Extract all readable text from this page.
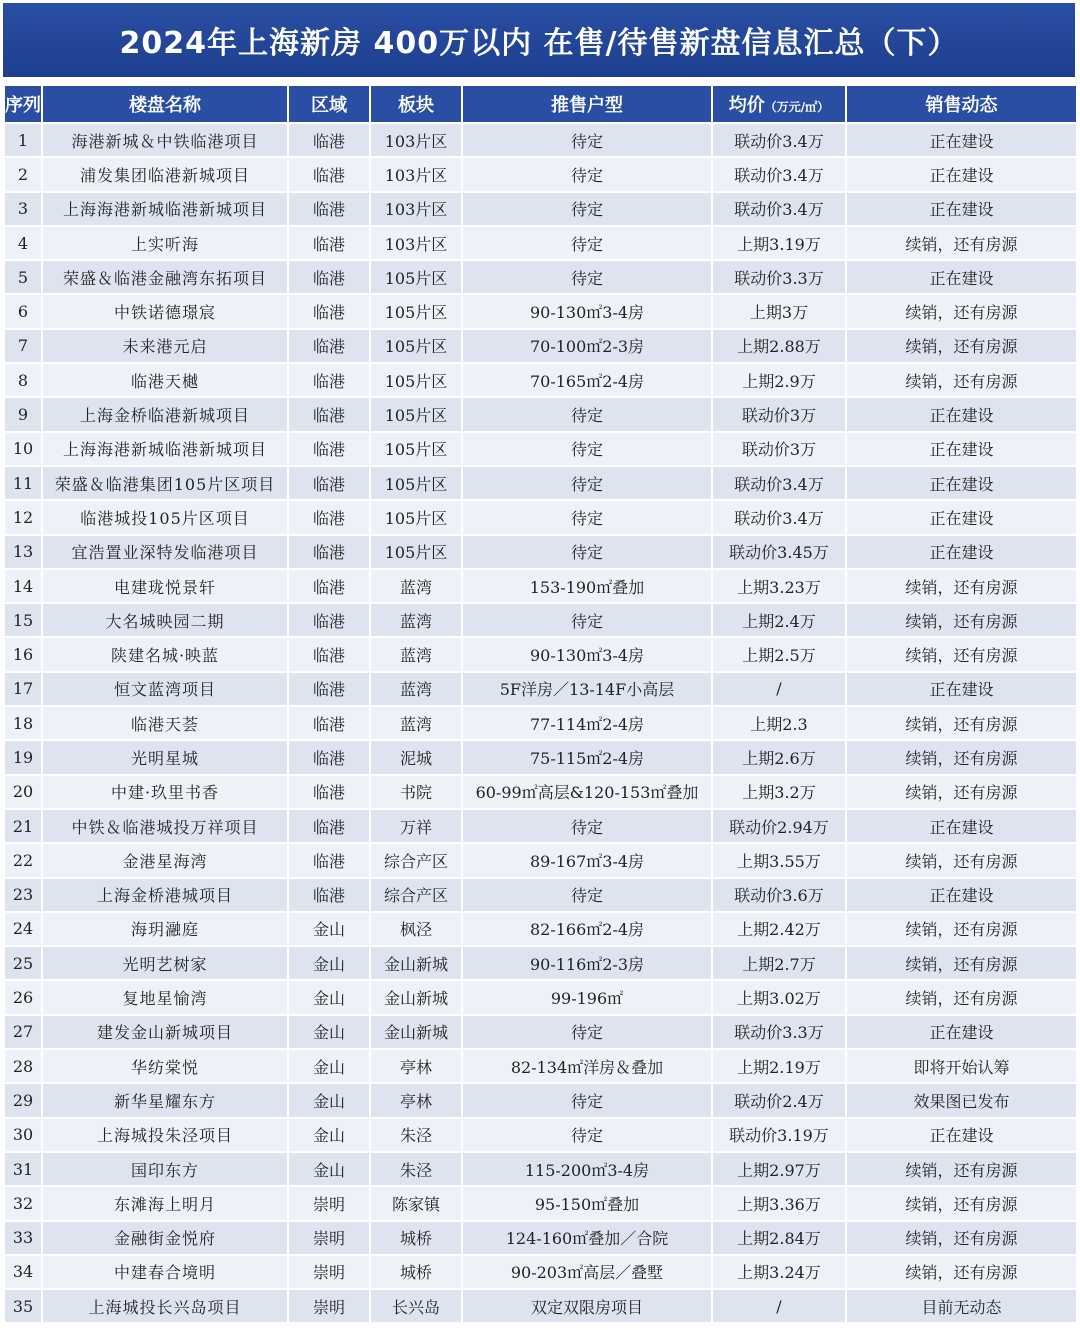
2024年上海新房 400万以内 在售/待售新盘信息汇总（下）
序列	楼盘名称	区域	板块	推售户型	均价（万元/㎡）	销售动态
1	海港新城＆中铁临港项目	临港	103片区	待定	联动价3.4万	正在建设
2	浦发集团临港新城项目	临港	103片区	待定	联动价3.4万	正在建设
3	上海海港新城临港新城项目	临港	103片区	待定	联动价3.4万	正在建设
4	上实听海	临港	103片区	待定	上期3.19万	续销，还有房源
5	荣盛＆临港金融湾东拓项目	临港	105片区	待定	联动价3.3万	正在建设
6	中铁诺德璟宸	临港	105片区	90-130㎡3-4房	上期3万	续销，还有房源
7	未来港元启	临港	105片区	70-100㎡2-3房	上期2.88万	续销，还有房源
8	临港天樾	临港	105片区	70-165㎡2-4房	上期2.9万	续销，还有房源
9	上海金桥临港新城项目	临港	105片区	待定	联动价3万	正在建设
10	上海海港新城临港新城项目	临港	105片区	待定	联动价3万	正在建设
11	荣盛＆临港集团105片区项目	临港	105片区	待定	联动价3.4万	正在建设
12	临港城投105片区项目	临港	105片区	待定	联动价3.4万	正在建设
13	宜浩置业深特发临港项目	临港	105片区	待定	联动价3.45万	正在建设
14	电建珑悦景轩	临港	蓝湾	153-190㎡叠加	上期3.23万	续销，还有房源
15	大名城映园二期	临港	蓝湾	待定	上期2.4万	续销，还有房源
16	陕建名城·映蓝	临港	蓝湾	90-130㎡3-4房	上期2.5万	续销，还有房源
17	恒文蓝湾项目	临港	蓝湾	5F洋房／13-14F小高层	/	正在建设
18	临港天荟	临港	蓝湾	77-114㎡2-4房	上期2.3	续销，还有房源
19	光明星城	临港	泥城	75-115㎡2-4房	上期2.6万	续销，还有房源
20	中建·玖里书香	临港	书院	60-99㎡高层&120-153㎡叠加	上期3.2万	续销，还有房源
21	中铁＆临港城投万祥项目	临港	万祥	待定	联动价2.94万	正在建设
22	金港星海湾	临港	综合产区	89-167㎡3-4房	上期3.55万	续销，还有房源
23	上海金桥港城项目	临港	综合产区	待定	联动价3.6万	正在建设
24	海玥瀜庭	金山	枫泾	82-166㎡2-4房	上期2.42万	续销，还有房源
25	光明艺树家	金山	金山新城	90-116㎡2-3房	上期2.7万	续销，还有房源
26	复地星愉湾	金山	金山新城	99-196㎡	上期3.02万	续销，还有房源
27	建发金山新城项目	金山	金山新城	待定	联动价3.3万	正在建设
28	华纺棠悦	金山	亭林	82-134㎡洋房＆叠加	上期2.19万	即将开始认筹
29	新华星耀东方	金山	亭林	待定	联动价2.4万	效果图已发布
30	上海城投朱泾项目	金山	朱泾	待定	联动价3.19万	正在建设
31	国印东方	金山	朱泾	115-200㎡3-4房	上期2.97万	续销，还有房源
32	东滩海上明月	崇明	陈家镇	95-150㎡叠加	上期3.36万	续销，还有房源
33	金融街金悦府	崇明	城桥	124-160㎡叠加／合院	上期2.84万	续销，还有房源
34	中建春合境明	崇明	城桥	90-203㎡高层／叠墅	上期3.24万	续销，还有房源
35	上海城投长兴岛项目	崇明	长兴岛	双定双限房项目	/	目前无动态
